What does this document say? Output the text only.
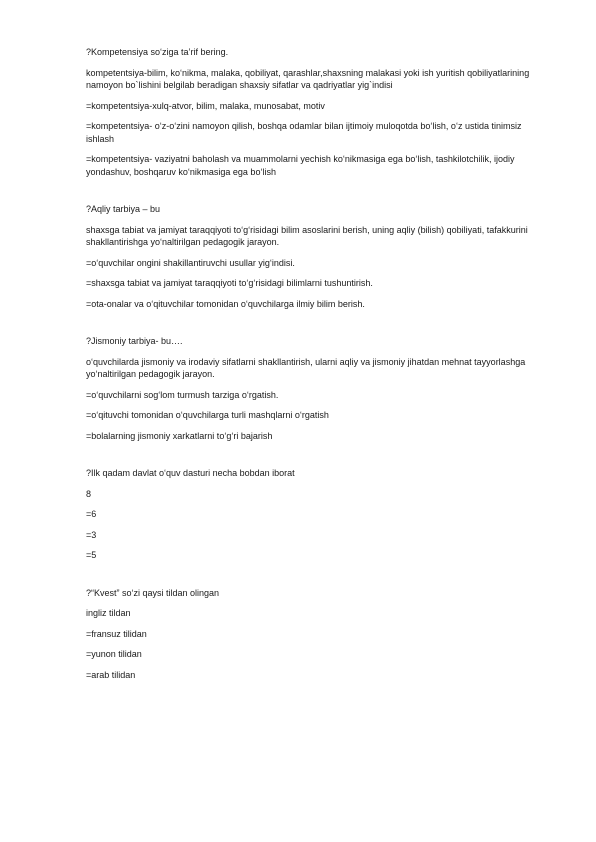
?Kompetensiya so‘ziga ta’rif bering.

kompetentsiya-bilim, ko‘nikma, malaka, qobiliyat, qarashlar,shaxsning malakasi yoki ish yuritish qobiliyatlarining namoyon bo`lishini belgilab beradigan shaxsiy sifatlar va qadriyatlar yig`indisi

=kompetentsiya-xulq-atvor, bilim, malaka, munosabat, motiv

=kompetentsiya- o‘z-o‘zini namoyon qilish, boshqa odamlar bilan ijtimoiy muloqotda bo‘lish, o‘z ustida tinimsiz ishlash

=kompetentsiya- vaziyatni baholash va muammolarni yechish ko‘nikmasiga ega bo‘lish, tashkilotchilik, ijodiy yondashuv, boshqaruv ko‘nikmasiga ega bo‘lish

?Aqliy tarbiya – bu

shaxsga tabiat va jamiyat taraqqiyoti to‘g‘risidagi bilim asoslarini berish, uning aqliy (bilish) qobiliyati, tafakkurini shakllantirishga yo‘naltirilgan pedagogik jarayon.

=o‘quvchilar ongini shakillantiruvchi usullar yig‘indisi.

=shaxsga tabiat va jamiyat taraqqiyoti to‘g‘risidagi bilimlarni tushuntirish.

=ota-onalar va o‘qituvchilar tomonidan o‘quvchilarga ilmiy bilim berish.

?Jismoniy tarbiya- bu….

o‘quvchilarda jismoniy va irodaviy sifatlarni shakllantirish, ularni aqliy va jismoniy jihatdan mehnat tayyorlashga yo‘naltirilgan pedagogik jarayon.

=o‘quvchilarni sog‘lom turmush tarziga o‘rgatish.

=o‘qituvchi tomonidan o‘quvchilarga turli mashqlarni o‘rgatish

=bolalarning jismoniy xarkatlarni to‘g‘ri bajarish

?Ilk qadam davlat o‘quv dasturi necha bobdan iborat

8

=6

=3

=5

?“Kvest” so‘zi qaysi tildan olingan

ingliz tildan

=fransuz tilidan

=yunon tilidan

=arab tilidan
